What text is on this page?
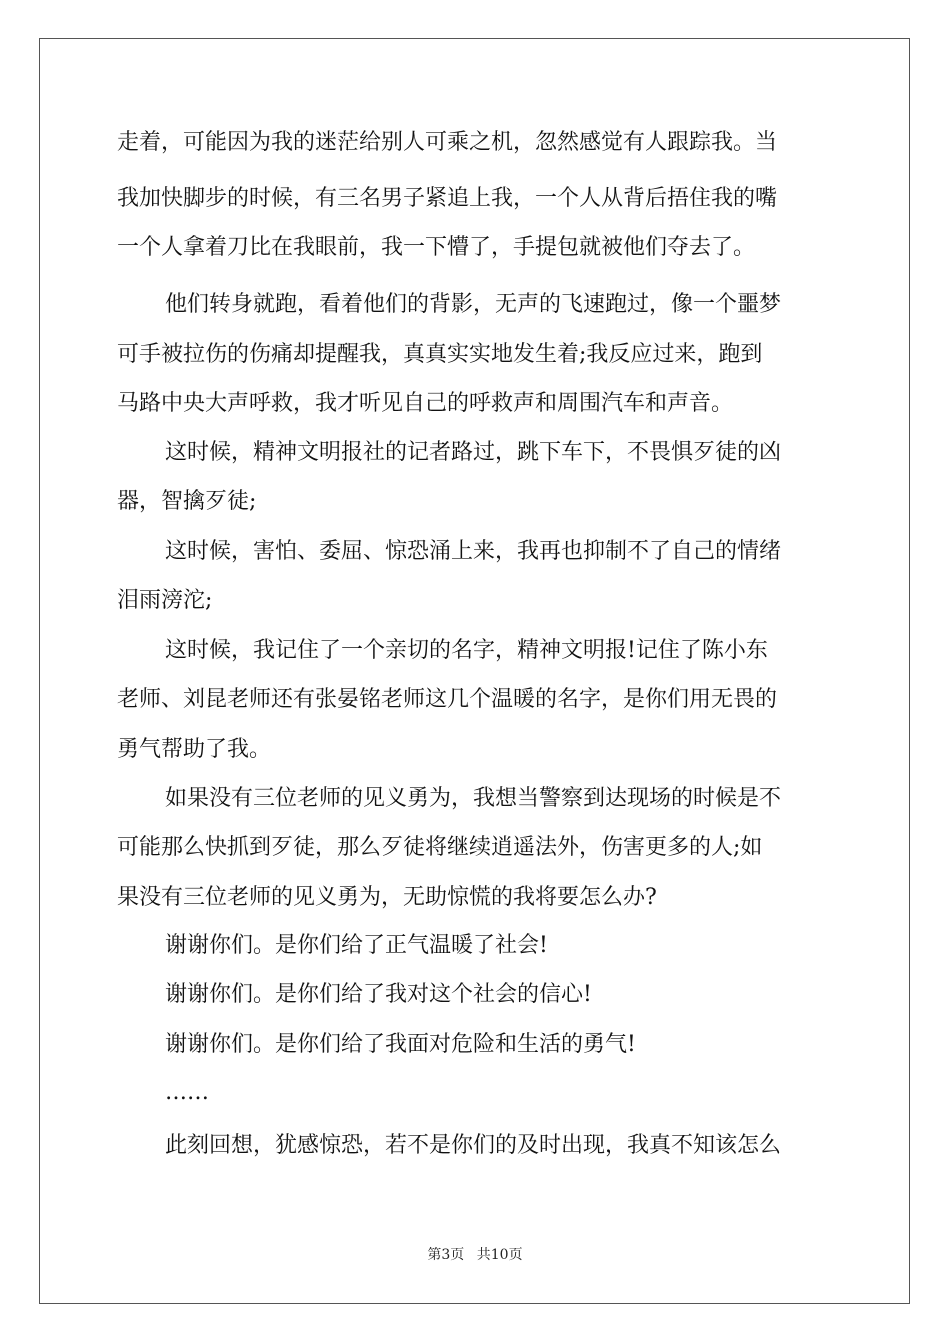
走着，可能因为我的迷茫给别人可乘之机，忽然感觉有人跟踪我。当
我加快脚步的时候，有三名男子紧追上我，一个人从背后捂住我的嘴
一个人拿着刀比在我眼前，我一下懵了，手提包就被他们夺去了。
他们转身就跑，看着他们的背影，无声的飞速跑过，像一个噩梦
可手被拉伤的伤痛却提醒我，真真实实地发生着;我反应过来，跑到
马路中央大声呼救，我才听见自己的呼救声和周围汽车和声音。
这时候，精神文明报社的记者路过，跳下车下，不畏惧歹徒的凶
器，智擒歹徒;
这时候，害怕、委屈、惊恐涌上来，我再也抑制不了自己的情绪
泪雨滂沱;
这时候，我记住了一个亲切的名字，精神文明报!记住了陈小东
老师、刘昆老师还有张晏铭老师这几个温暖的名字，是你们用无畏的
勇气帮助了我。
如果没有三位老师的见义勇为，我想当警察到达现场的时候是不
可能那么快抓到歹徒，那么歹徒将继续逍遥法外，伤害更多的人;如
果没有三位老师的见义勇为，无助惊慌的我将要怎么办?
谢谢你们。是你们给了正气温暖了社会!
谢谢你们。是你们给了我对这个社会的信心!
谢谢你们。是你们给了我面对危险和生活的勇气!
……
此刻回想，犹感惊恐，若不是你们的及时出现，我真不知该怎么
第3页 共10页
